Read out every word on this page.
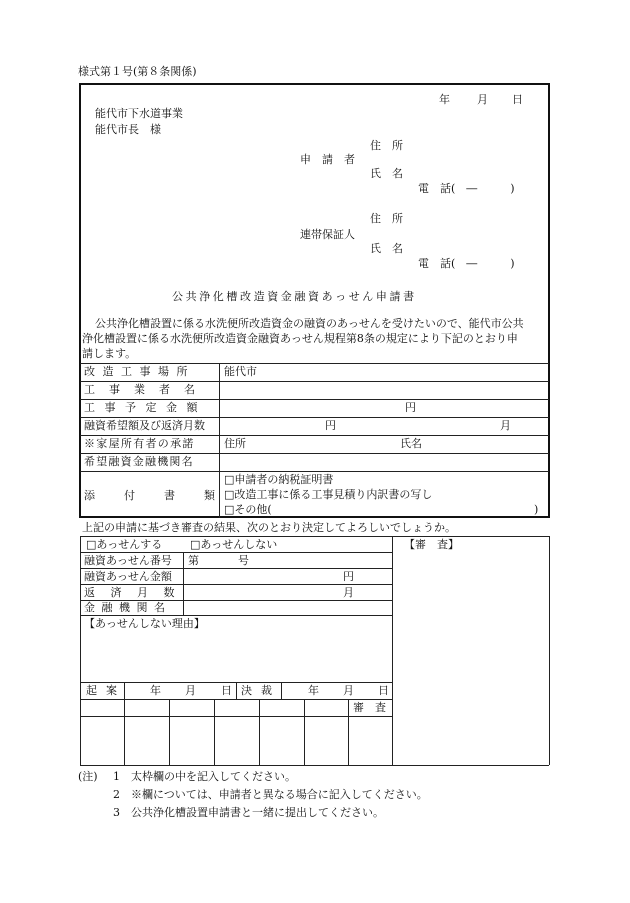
様式第１号(第８条関係)
年 月 日
能代市下水道事業
能代市長　様
住　所
申　請　者
氏　名
電　話(　―　　　)
住　所
連帯保証人
氏　名
電　話(　―　　　)
公共浄化槽改造資金融資あっせん申請書
公共浄化槽設置に係る水洗便所改造資金の融資のあっせんを受けたいので、能代市公共
浄化槽設置に係る水洗便所改造資金融資あっせん規程第8条の規定により下記のとおり申
請します。
改造工事場所	能代市
工事業者名
工事予定金額	円
融資希望額及び返済月数	円	月
※家屋所有者の承諾	住所	氏名
希望融資金融機関名
添付書類
□申請者の納税証明書
□改造工事に係る工事見積り内訳書の写し
□その他(	)
上記の申請に基づき審査の結果、次のとおり決定してよろしいでしょうか。
□あっせんする	□あっせんしない	【審　査】
融資あっせん番号 第	号
融資あっせん金額	円
返済月数	月
金融機関名
【あっせんしない理由】
起案 年 月 日 決裁 年 月 日
審　査
(注) 1　太枠欄の中を記入してください。
2　※欄については、申請者と異なる場合に記入してください。
3　公共浄化槽設置申請書と一緒に提出してください。
